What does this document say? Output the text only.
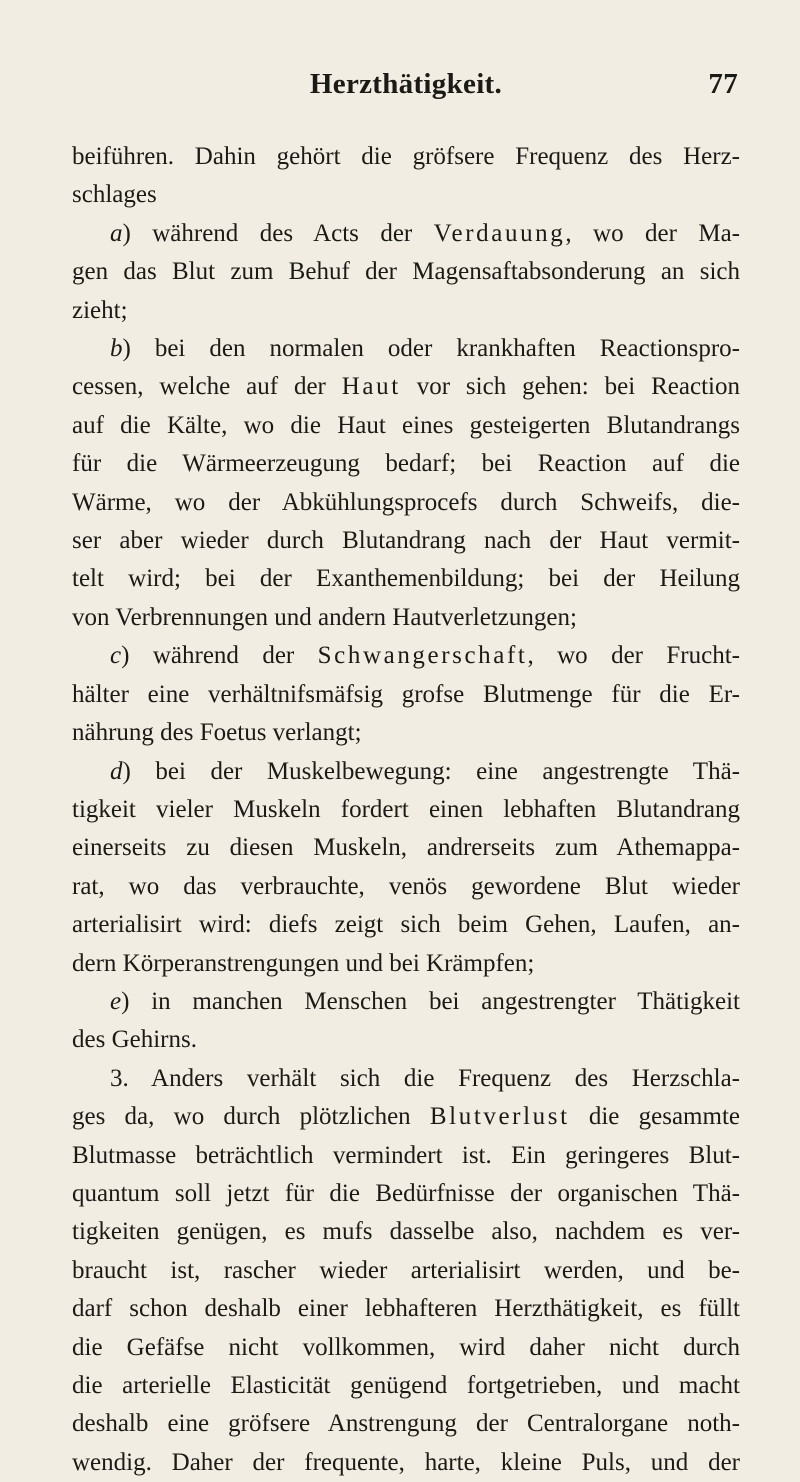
Herzthätigkeit.	77
beiführen. Dahin gehört die gröfsere Frequenz des Herz-
schlages
a) während des Acts der Verdauung, wo der Ma-
gen das Blut zum Behuf der Magensaftabsonderung an sich
zieht;
b) bei den normalen oder krankhaften Reactionspro-
cessen, welche auf der Haut vor sich gehen: bei Reaction
auf die Kälte, wo die Haut eines gesteigerten Blutandrangs
für die Wärmeerzeugung bedarf; bei Reaction auf die
Wärme, wo der Abkühlungsprocefs durch Schweifs, die-
ser aber wieder durch Blutandrang nach der Haut vermit-
telt wird; bei der Exanthemenbildung; bei der Heilung
von Verbrennungen und andern Hautverletzungen;
c) während der Schwangerschaft, wo der Frucht-
hälter eine verhältnifsmäfsig grofse Blutmenge für die Er-
nährung des Foetus verlangt;
d) bei der Muskelbewegung: eine angestrengte Thä-
tigkeit vieler Muskeln fordert einen lebhaften Blutandrang
einerseits zu diesen Muskeln, andrerseits zum Athemappa-
rat, wo das verbrauchte, venös gewordene Blut wieder
arterialisirt wird: diefs zeigt sich beim Gehen, Laufen, an-
dern Körperanstrengungen und bei Krämpfen;
e) in manchen Menschen bei angestrengter Thätigkeit
des Gehirns.
3. Anders verhält sich die Frequenz des Herzschla-
ges da, wo durch plötzlichen Blutverlust die gesammte
Blutmasse beträchtlich vermindert ist. Ein geringeres Blut-
quantum soll jetzt für die Bedürfnisse der organischen Thä-
tigkeiten genügen, es mufs dasselbe also, nachdem es ver-
braucht ist, rascher wieder arterialisirt werden, und be-
darf schon deshalb einer lebhafteren Herzthätigkeit, es füllt
die Gefäfse nicht vollkommen, wird daher nicht durch
die arterielle Elasticität genügend fortgetrieben, und macht
deshalb eine gröfsere Anstrengung der Centralorgane noth-
wendig. Daher der frequente, harte, kleine Puls, und der
